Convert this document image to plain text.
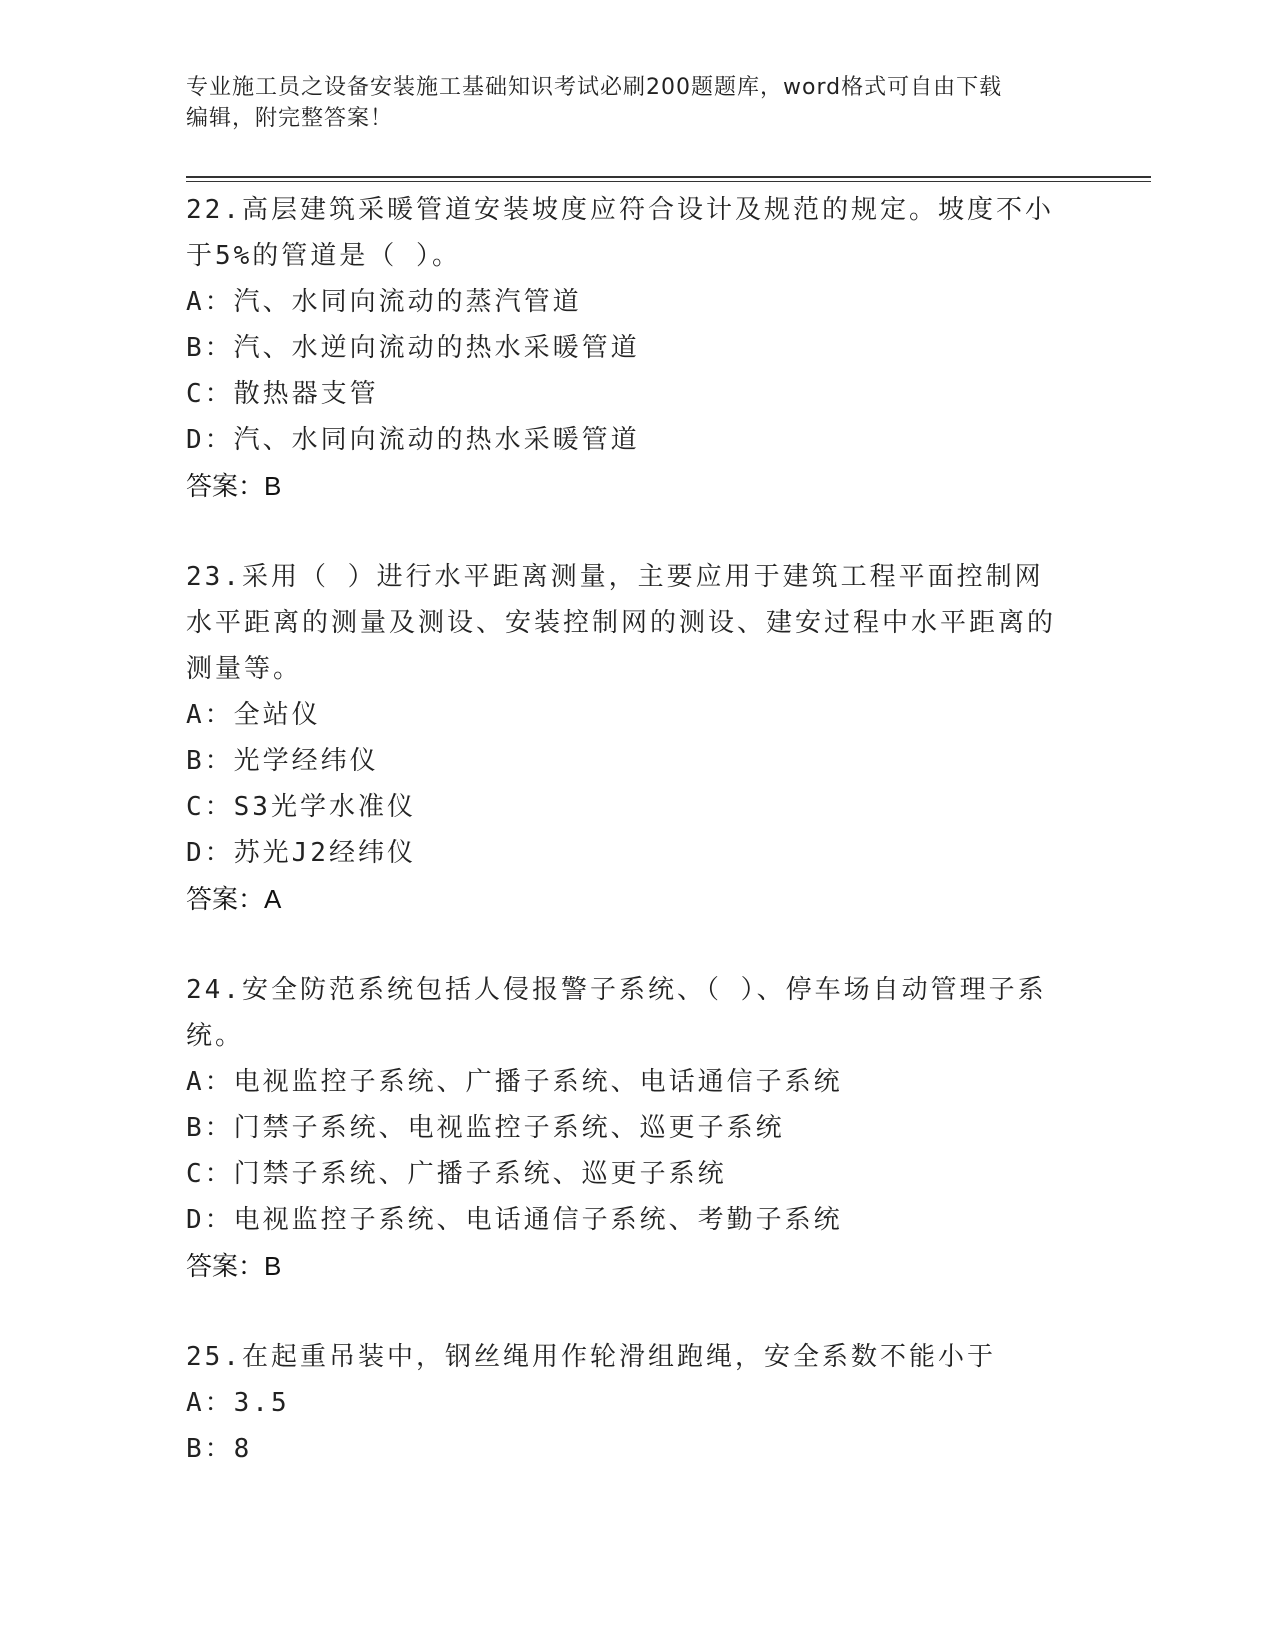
专业施工员之设备安装施工基础知识考试必刷200题题库，word格式可自由下载
编辑，附完整答案！
22.高层建筑采暖管道安装坡度应符合设计及规范的规定。坡度不小于5%的管道是（ ）。
A：汽、水同向流动的蒸汽管道
B：汽、水逆向流动的热水采暖管道
C：散热器支管
D：汽、水同向流动的热水采暖管道
答案：B
23.采用（ ）进行水平距离测量，主要应用于建筑工程平面控制网水平距离的测量及测设、安装控制网的测设、建安过程中水平距离的测量等。
A：全站仪
B：光学经纬仪
C：S3光学水准仪
D：苏光J2经纬仪
答案：A
24.安全防范系统包括人侵报警子系统、（ ）、停车场自动管理子系统。
A：电视监控子系统、广播子系统、电话通信子系统
B：门禁子系统、电视监控子系统、巡更子系统
C：门禁子系统、广播子系统、巡更子系统
D：电视监控子系统、电话通信子系统、考勤子系统
答案：B
25.在起重吊装中，钢丝绳用作轮滑组跑绳，安全系数不能小于
A：3.5
B：8
